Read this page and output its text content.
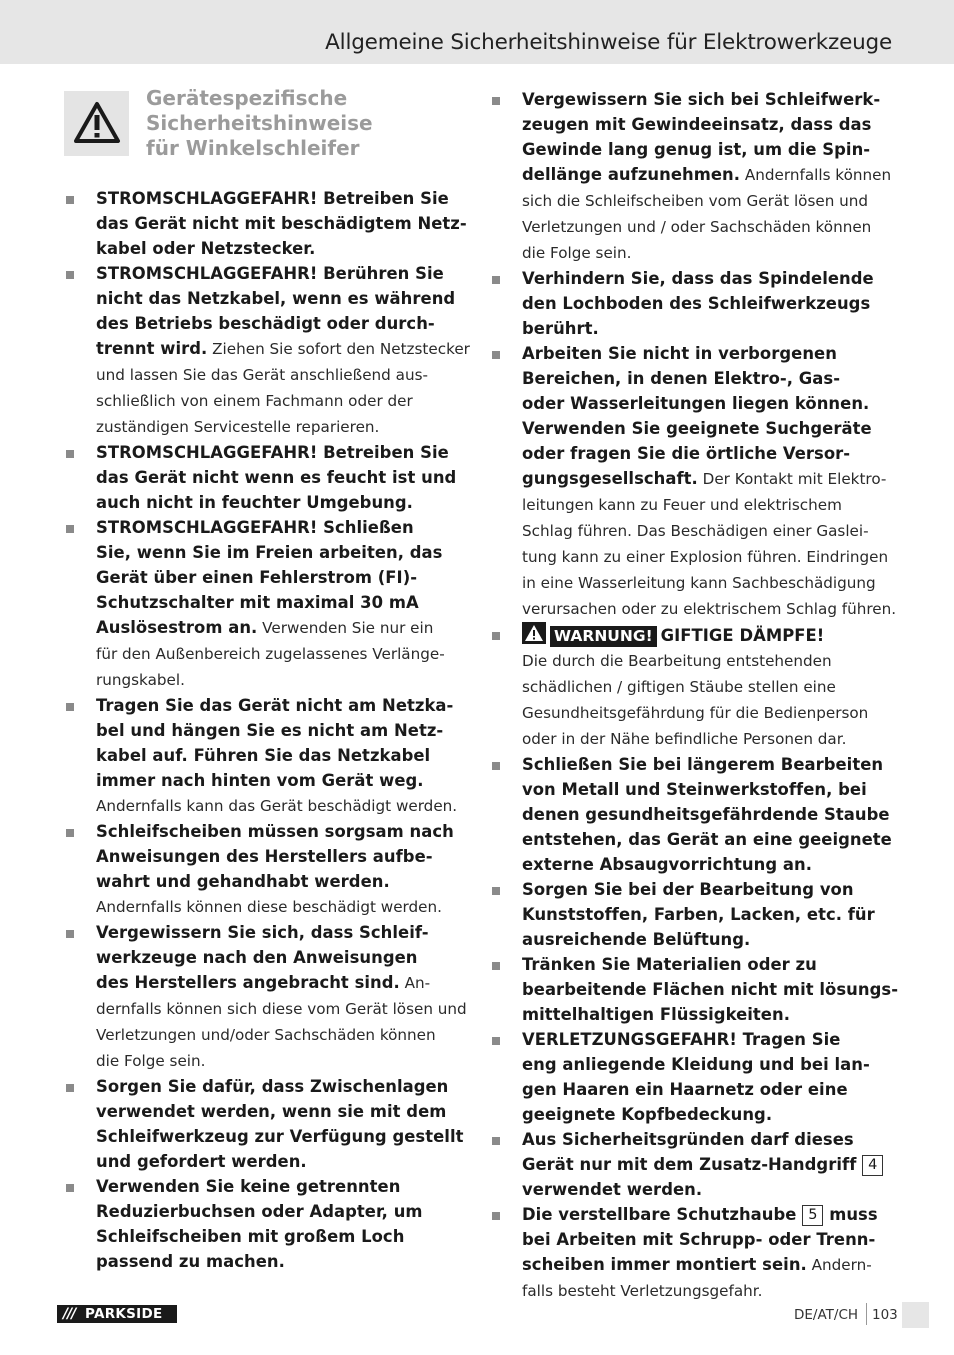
Allgemeine Sicherheitshinweise für Elektrowerkzeuge
Gerätespezifische
Sicherheitshinweise
für Winkelschleifer
STROMSCHLAGGEFAHR! Betreiben Sie
das Gerät nicht mit beschädigtem Netz-
kabel oder Netzstecker.
STROMSCHLAGGEFAHR! Berühren Sie
nicht das Netzkabel, wenn es während
des Betriebs beschädigt oder durch-
trennt wird. Ziehen Sie sofort den Netzstecker
und lassen Sie das Gerät anschließend aus-
schließlich von einem Fachmann oder der
zuständigen Servicestelle reparieren.
STROMSCHLAGGEFAHR! Betreiben Sie
das Gerät nicht wenn es feucht ist und
auch nicht in feuchter Umgebung.
STROMSCHLAGGEFAHR! Schließen
Sie, wenn Sie im Freien arbeiten, das
Gerät über einen Fehlerstrom (FI)-
Schutzschalter mit maximal 30 mA
Auslösestrom an. Verwenden Sie nur ein
für den Außenbereich zugelassenes Verlänge-
rungskabel.
Tragen Sie das Gerät nicht am Netzka-
bel und hängen Sie es nicht am Netz-
kabel auf. Führen Sie das Netzkabel
immer nach hinten vom Gerät weg.
Andernfalls kann das Gerät beschädigt werden.
Schleifscheiben müssen sorgsam nach
Anweisungen des Herstellers aufbe-
wahrt und gehandhabt werden.
Andernfalls können diese beschädigt werden.
Vergewissern Sie sich, dass Schleif-
werkzeuge nach den Anweisungen
des Herstellers angebracht sind. An-
dernfalls können sich diese vom Gerät lösen und
Verletzungen und/oder Sachschäden können
die Folge sein.
Sorgen Sie dafür, dass Zwischenlagen
verwendet werden, wenn sie mit dem
Schleifwerkzeug zur Verfügung gestellt
und gefordert werden.
Verwenden Sie keine getrennten
Reduzierbuchsen oder Adapter, um
Schleifscheiben mit großem Loch
passend zu machen.
Vergewissern Sie sich bei Schleifwerk-
zeugen mit Gewindeeinsatz, dass das
Gewinde lang genug ist, um die Spin-
dellänge aufzunehmen. Andernfalls können
sich die Schleifscheiben vom Gerät lösen und
Verletzungen und / oder Sachschäden können
die Folge sein.
Verhindern Sie, dass das Spindelende
den Lochboden des Schleifwerkzeugs
berührt.
Arbeiten Sie nicht in verborgenen
Bereichen, in denen Elektro-, Gas-
oder Wasserleitungen liegen können.
Verwenden Sie geeignete Suchgeräte
oder fragen Sie die örtliche Versor-
gungsgesellschaft. Der Kontakt mit Elektro-
leitungen kann zu Feuer und elektrischem
Schlag führen. Das Beschädigen einer Gaslei-
tung kann zu einer Explosion führen. Eindringen
in eine Wasserleitung kann Sachbeschädigung
verursachen oder zu elektrischem Schlag führen.
WARNUNG! GIFTIGE DÄMPFE!
Die durch die Bearbeitung entstehenden
schädlichen / giftigen Stäube stellen eine
Gesundheitsgefährdung für die Bedienperson
oder in der Nähe befindliche Personen dar.
Schließen Sie bei längerem Bearbeiten
von Metall und Steinwerkstoffen, bei
denen gesundheitsgefährdende Staube
entstehen, das Gerät an eine geeignete
externe Absaugvorrichtung an.
Sorgen Sie bei der Bearbeitung von
Kunststoffen, Farben, Lacken, etc. für
ausreichende Belüftung.
Tränken Sie Materialien oder zu
bearbeitende Flächen nicht mit lösungs-
mittelhaltigen Flüssigkeiten.
VERLETZUNGSGEFAHR! Tragen Sie
eng anliegende Kleidung und bei lan-
gen Haaren ein Haarnetz oder eine
geeignete Kopfbedeckung.
Aus Sicherheitsgründen darf dieses
Gerät nur mit dem Zusatz-Handgriff 4
verwendet werden.
Die verstellbare Schutzhaube 5 muss
bei Arbeiten mit Schrupp- oder Trenn-
scheiben immer montiert sein. Andern-
falls besteht Verletzungsgefahr.
/// PARKSIDE	DE/AT/CH 103
